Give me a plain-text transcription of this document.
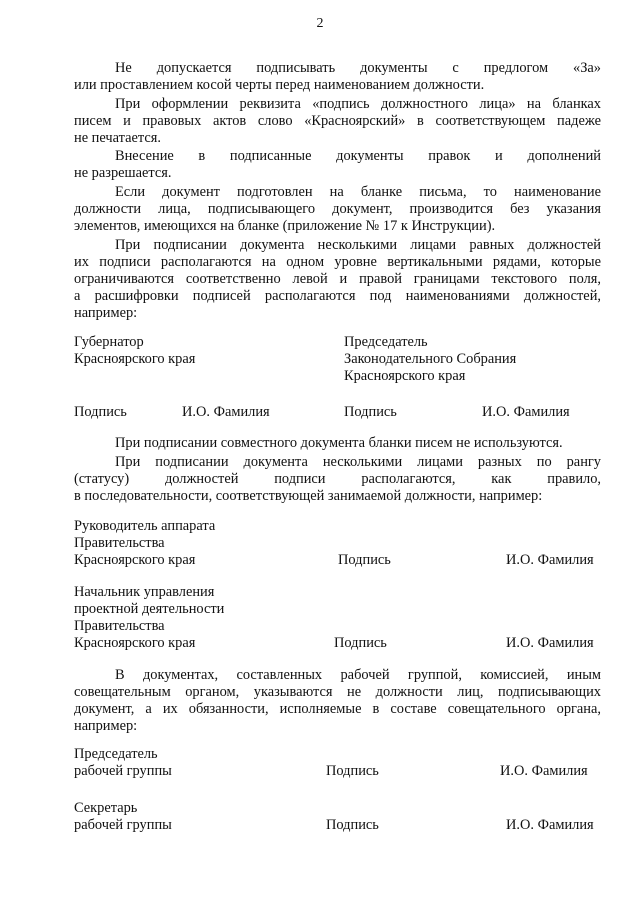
2
Не допускается подписывать документы с предлогом «За»
или проставлением косой черты перед наименованием должности.
При оформлении реквизита «подпись должностного лица» на бланках
писем и правовых актов слово «Красноярский» в соответствующем падеже
не печатается.
Внесение в подписанные документы правок и дополнений
не разрешается.
Если документ подготовлен на бланке письма, то наименование
должности лица, подписывающего документ, производится без указания
элементов, имеющихся на бланке (приложение № 17 к Инструкции).
При подписании документа несколькими лицами равных должностей
их подписи располагаются на одном уровне вертикальными рядами, которые
ограничиваются соответственно левой и правой границами текстового поля,
а расшифровки подписей располагаются под наименованиями должностей,
например:
Губернатор
Красноярского края
Председатель
Законодательного Собрания
Красноярского края
Подпись	И.О. Фамилия	Подпись	И.О. Фамилия
При подписании совместного документа бланки писем не используются.
При подписании документа несколькими лицами разных по рангу
(статусу) должностей подписи располагаются, как правило,
в последовательности, соответствующей занимаемой должности, например:
Руководитель аппарата
Правительства
Красноярского края	Подпись	И.О. Фамилия
Начальник управления
проектной деятельности
Правительства
Красноярского края	Подпись	И.О. Фамилия
В документах, составленных рабочей группой, комиссией, иным
совещательным органом, указываются не должности лиц, подписывающих
документ, а их обязанности, исполняемые в составе совещательного органа,
например:
Председатель
рабочей группы	Подпись	И.О. Фамилия
Секретарь
рабочей группы	Подпись	И.О. Фамилия
